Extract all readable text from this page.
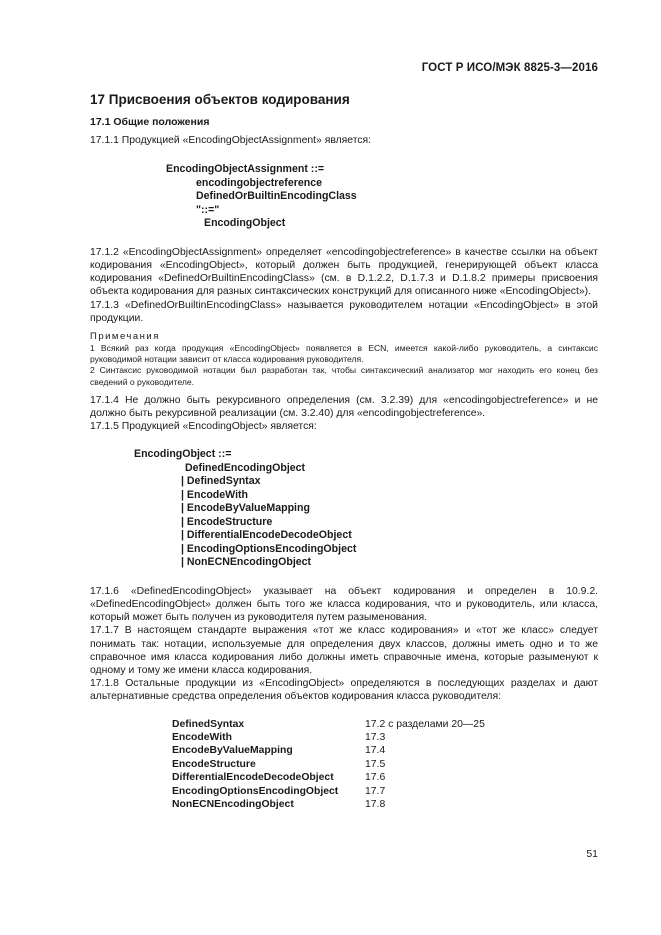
ГОСТ Р ИСО/МЭК 8825-3—2016
17 Присвоения объектов кодирования
17.1 Общие положения

17.1.1 Продукцией «EncodingObjectAssignment» является:

EncodingObjectAssignment ::=
encodingobjectreference
DefinedOrBuiltinEncodingClass
"::="
EncodingObject

17.1.2 «EncodingObjectAssignment» определяет «encodingobjectreference» в качестве ссылки на объект кодирования «EncodingObject», который должен быть продукцией, генерирующей объект класса кодирования «DefinedOrBuiltinEncodingClass» (см. в D.1.2.2, D.1.7.3 и D.1.8.2 примеры присвоения объекта кодирования для разных синтаксических конструкций для описанного ниже «EncodingObject»).

17.1.3 «DefinedOrBuiltinEncodingClass» называется руководителем нотации «EncodingObject» в этой продукции.

Примечания

1 Всякий раз когда продукция «EncodingObject» появляется в ECN, имеется какой-либо руководитель, а синтаксис руководимой нотации зависит от класса кодирования руководителя.

2 Синтаксис руководимой нотации был разработан так, чтобы синтаксический анализатор мог находить его конец без сведений о руководителе.

17.1.4 Не должно быть рекурсивного определения (см. 3.2.39) для «encodingobjectreference» и не должно быть рекурсивной реализации (см. 3.2.40) для «encodingobjectreference».

17.1.5 Продукцией «EncodingObject» является:

EncodingObject ::=
DefinedEncodingObject
| DefinedSyntax
| EncodeWith
| EncodeByValueMapping
| EncodeStructure
| DifferentialEncodeDecodeObject
| EncodingOptionsEncodingObject
| NonECNEncodingObject

17.1.6 «DefinedEncodingObject» указывает на объект кодирования и определен в 10.9.2. «DefinedEncodingObject» должен быть того же класса кодирования, что и руководитель, или класса, который может быть получен из руководителя путем разыменования.

17.1.7 В настоящем стандарте выражения «тот же класс кодирования» и «тот же класс» следует понимать так: нотации, используемые для определения двух классов, должны иметь одно и то же справочное имя класса кодирования либо должны иметь справочные имена, которые разыменуют к одному и тому же имени класса кодирования.

17.1.8 Остальные продукции из «EncodingObject» определяются в последующих разделах и дают альтернативные средства определения объектов кодирования класса руководителя:

DefinedSyntax	17.2 с разделами 20—25
EncodeWith	17.3
EncodeByValueMapping	17.4
EncodeStructure	17.5
DifferentialEncodeDecodeObject	17.6
EncodingOptionsEncodingObject	17.7
NonECNEncodingObject	17.8
51
